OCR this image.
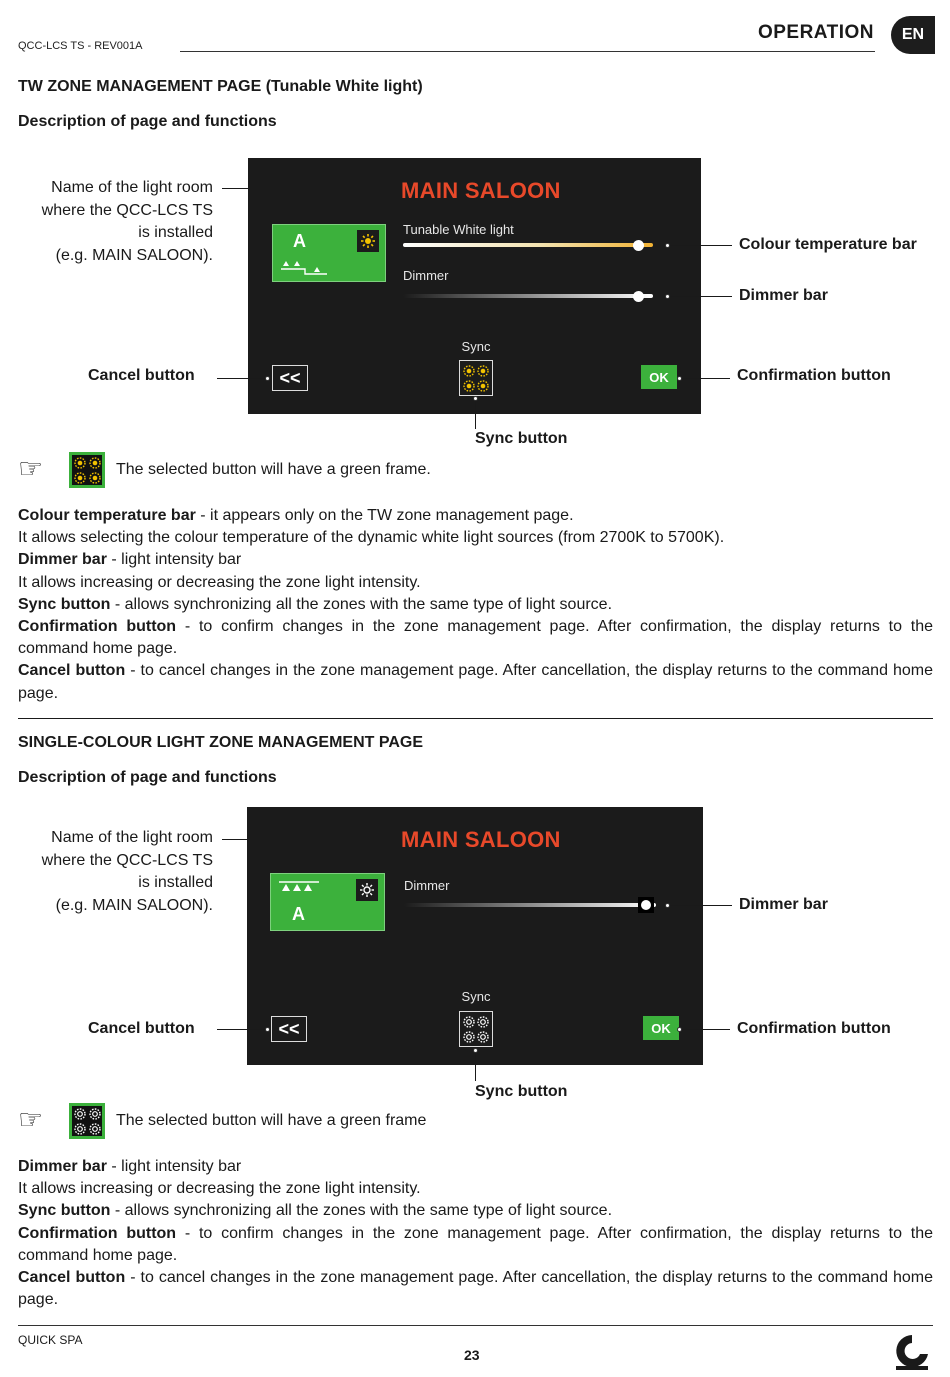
QCC-LCS TS - REV001A
OPERATION	EN
TW ZONE MANAGEMENT PAGE (Tunable White light)
Description of page and functions
Name of the light room
where the QCC-LCS TS
is installed
(e.g. MAIN SALOON).
MAIN SALOON
A
Tunable White light
Dimmer
Sync
<<	OK
Colour temperature bar
Dimmer bar
Cancel button	Confirmation button
Sync button
☞	The selected button will have a green frame.
Colour temperature bar - it appears only on the TW zone management page.
It allows selecting the colour temperature of the dynamic white light sources (from 2700K to 5700K).
Dimmer bar - light intensity bar
It allows increasing or decreasing the zone light intensity.
Sync button - allows synchronizing all the zones with the same type of light source.
Confirmation button - to confirm changes in the zone management page. After confirmation, the display returns to the command home page.
Cancel button - to cancel changes in the zone management page. After cancellation, the display returns to the command home page.
SINGLE-COLOUR LIGHT ZONE MANAGEMENT PAGE
Description of page and functions
Name of the light room
where the QCC-LCS TS
is installed
(e.g. MAIN SALOON).
MAIN SALOON
A
Dimmer
Sync
<<	OK
Dimmer bar
Cancel button	Confirmation button
Sync button
☞	The selected button will have a green frame
Dimmer bar - light intensity bar
It allows increasing or decreasing the zone light intensity.
Sync button - allows synchronizing all the zones with the same type of light source.
Confirmation button - to confirm changes in the zone management page. After confirmation, the display returns to the command home page.
Cancel button - to cancel changes in the zone management page. After cancellation, the display returns to the command home page.
QUICK SPA
23
